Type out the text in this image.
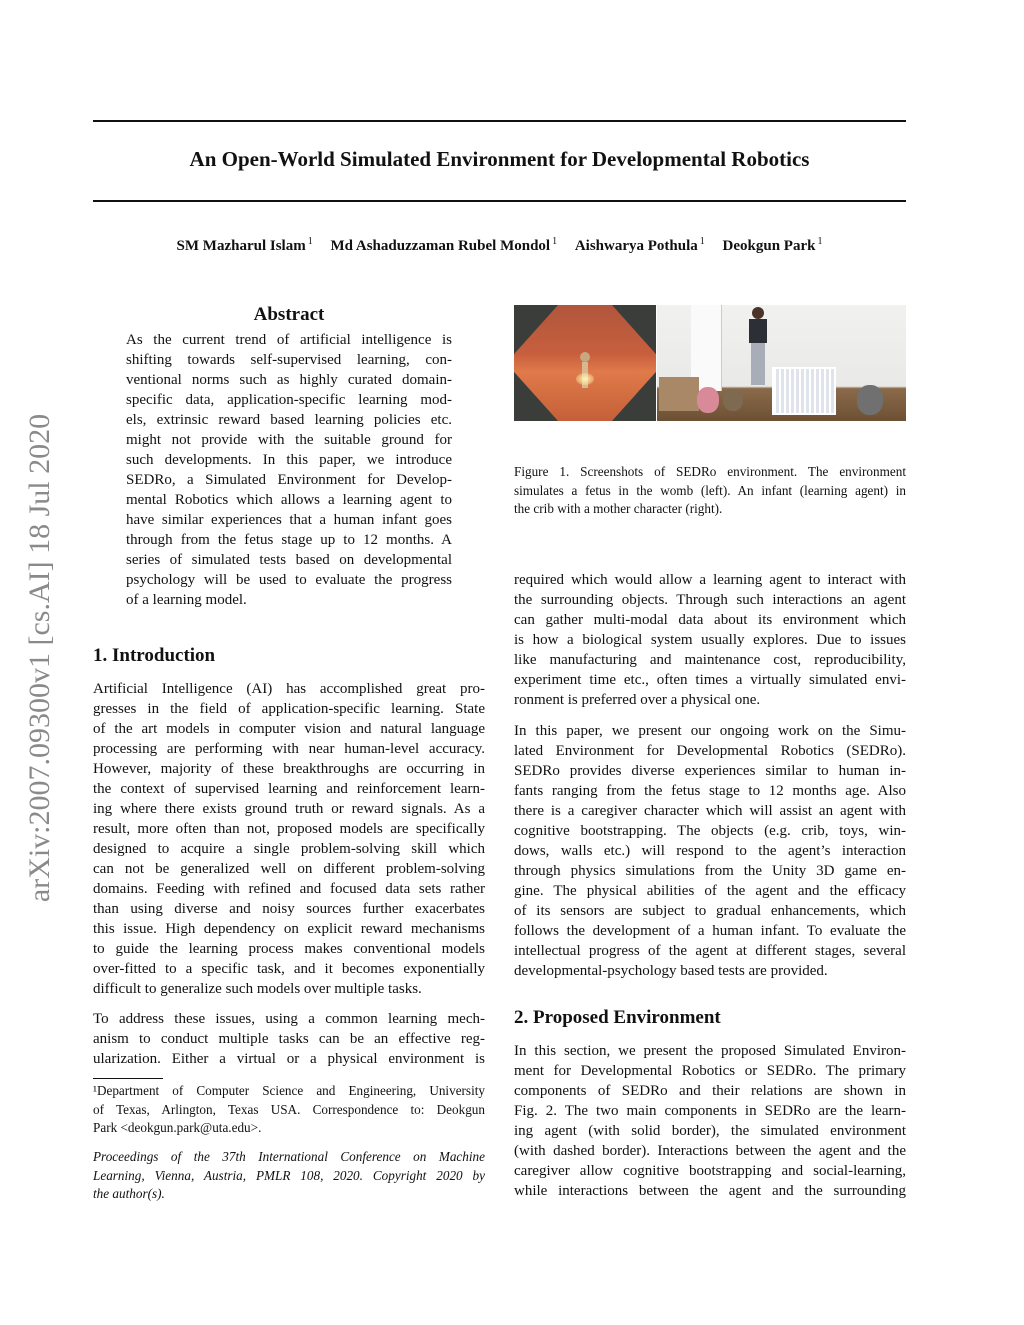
arXiv:2007.09300v1 [cs.AI] 18 Jul 2020
An Open-World Simulated Environment for Developmental Robotics
SM Mazharul Islam $^1$ Md Ashaduzzaman Rubel Mondol $^1$ Aishwarya Pothula $^1$ Deokgun Park $^1$
Abstract
As the current trend of artificial intelligence is
shifting towards self-supervised learning, con-
ventional norms such as highly curated domain-
specific data, application-specific learning mod-
els, extrinsic reward based learning policies etc.
might not provide with the suitable ground for
such developments. In this paper, we introduce
SEDRo, a Simulated Environment for Develop-
mental Robotics which allows a learning agent to
have similar experiences that a human infant goes
through from the fetus stage up to 12 months. A
series of simulated tests based on developmental
psychology will be used to evaluate the progress
of a learning model.
1. Introduction
Artificial Intelligence (AI) has accomplished great pro-
gresses in the field of application-specific learning. State
of the art models in computer vision and natural language
processing are performing with near human-level accuracy.
However, majority of these breakthroughs are occurring in
the context of supervised learning and reinforcement learn-
ing where there exists ground truth or reward signals. As a
result, more often than not, proposed models are specifically
designed to acquire a single problem-solving skill which
can not be generalized well on different problem-solving
domains. Feeding with refined and focused data sets rather
than using diverse and noisy sources further exacerbates
this issue. High dependency on explicit reward mechanisms
to guide the learning process makes conventional models
over-fitted to a specific task, and it becomes exponentially
difficult to generalize such models over multiple tasks.
To address these issues, using a common learning mech-
anism to conduct multiple tasks can be an effective reg-
ularization. Either a virtual or a physical environment is
¹Department of Computer Science and Engineering, University
of Texas, Arlington, Texas USA. Correspondence to: Deokgun
Park <deokgun.park@uta.edu>.
Proceedings of the 37th International Conference on Machine
Learning, Vienna, Austria, PMLR 108, 2020. Copyright 2020 by
the author(s).
Figure 1. Screenshots of SEDRo environment. The environment
simulates a fetus in the womb (left). An infant (learning agent) in
the crib with a mother character (right).
required which would allow a learning agent to interact with
the surrounding objects. Through such interactions an agent
can gather multi-modal data about its environment which
is how a biological system usually explores. Due to issues
like manufacturing and maintenance cost, reproducibility,
experiment time etc., often times a virtually simulated envi-
ronment is preferred over a physical one.
In this paper, we present our ongoing work on the Simu-
lated Environment for Developmental Robotics (SEDRo).
SEDRo provides diverse experiences similar to human in-
fants ranging from the fetus stage to 12 months age. Also
there is a caregiver character which will assist an agent with
cognitive bootstrapping. The objects (e.g. crib, toys, win-
dows, walls etc.) will respond to the agent’s interaction
through physics simulations from the Unity 3D game en-
gine. The physical abilities of the agent and the efficacy
of its sensors are subject to gradual enhancements, which
follows the development of a human infant. To evaluate the
intellectual progress of the agent at different stages, several
developmental-psychology based tests are provided.
2. Proposed Environment
In this section, we present the proposed Simulated Environ-
ment for Developmental Robotics or SEDRo. The primary
components of SEDRo and their relations are shown in
Fig. 2. The two main components in SEDRo are the learn-
ing agent (with solid border), the simulated environment
(with dashed border). Interactions between the agent and the
caregiver allow cognitive bootstrapping and social-learning,
while interactions between the agent and the surrounding
